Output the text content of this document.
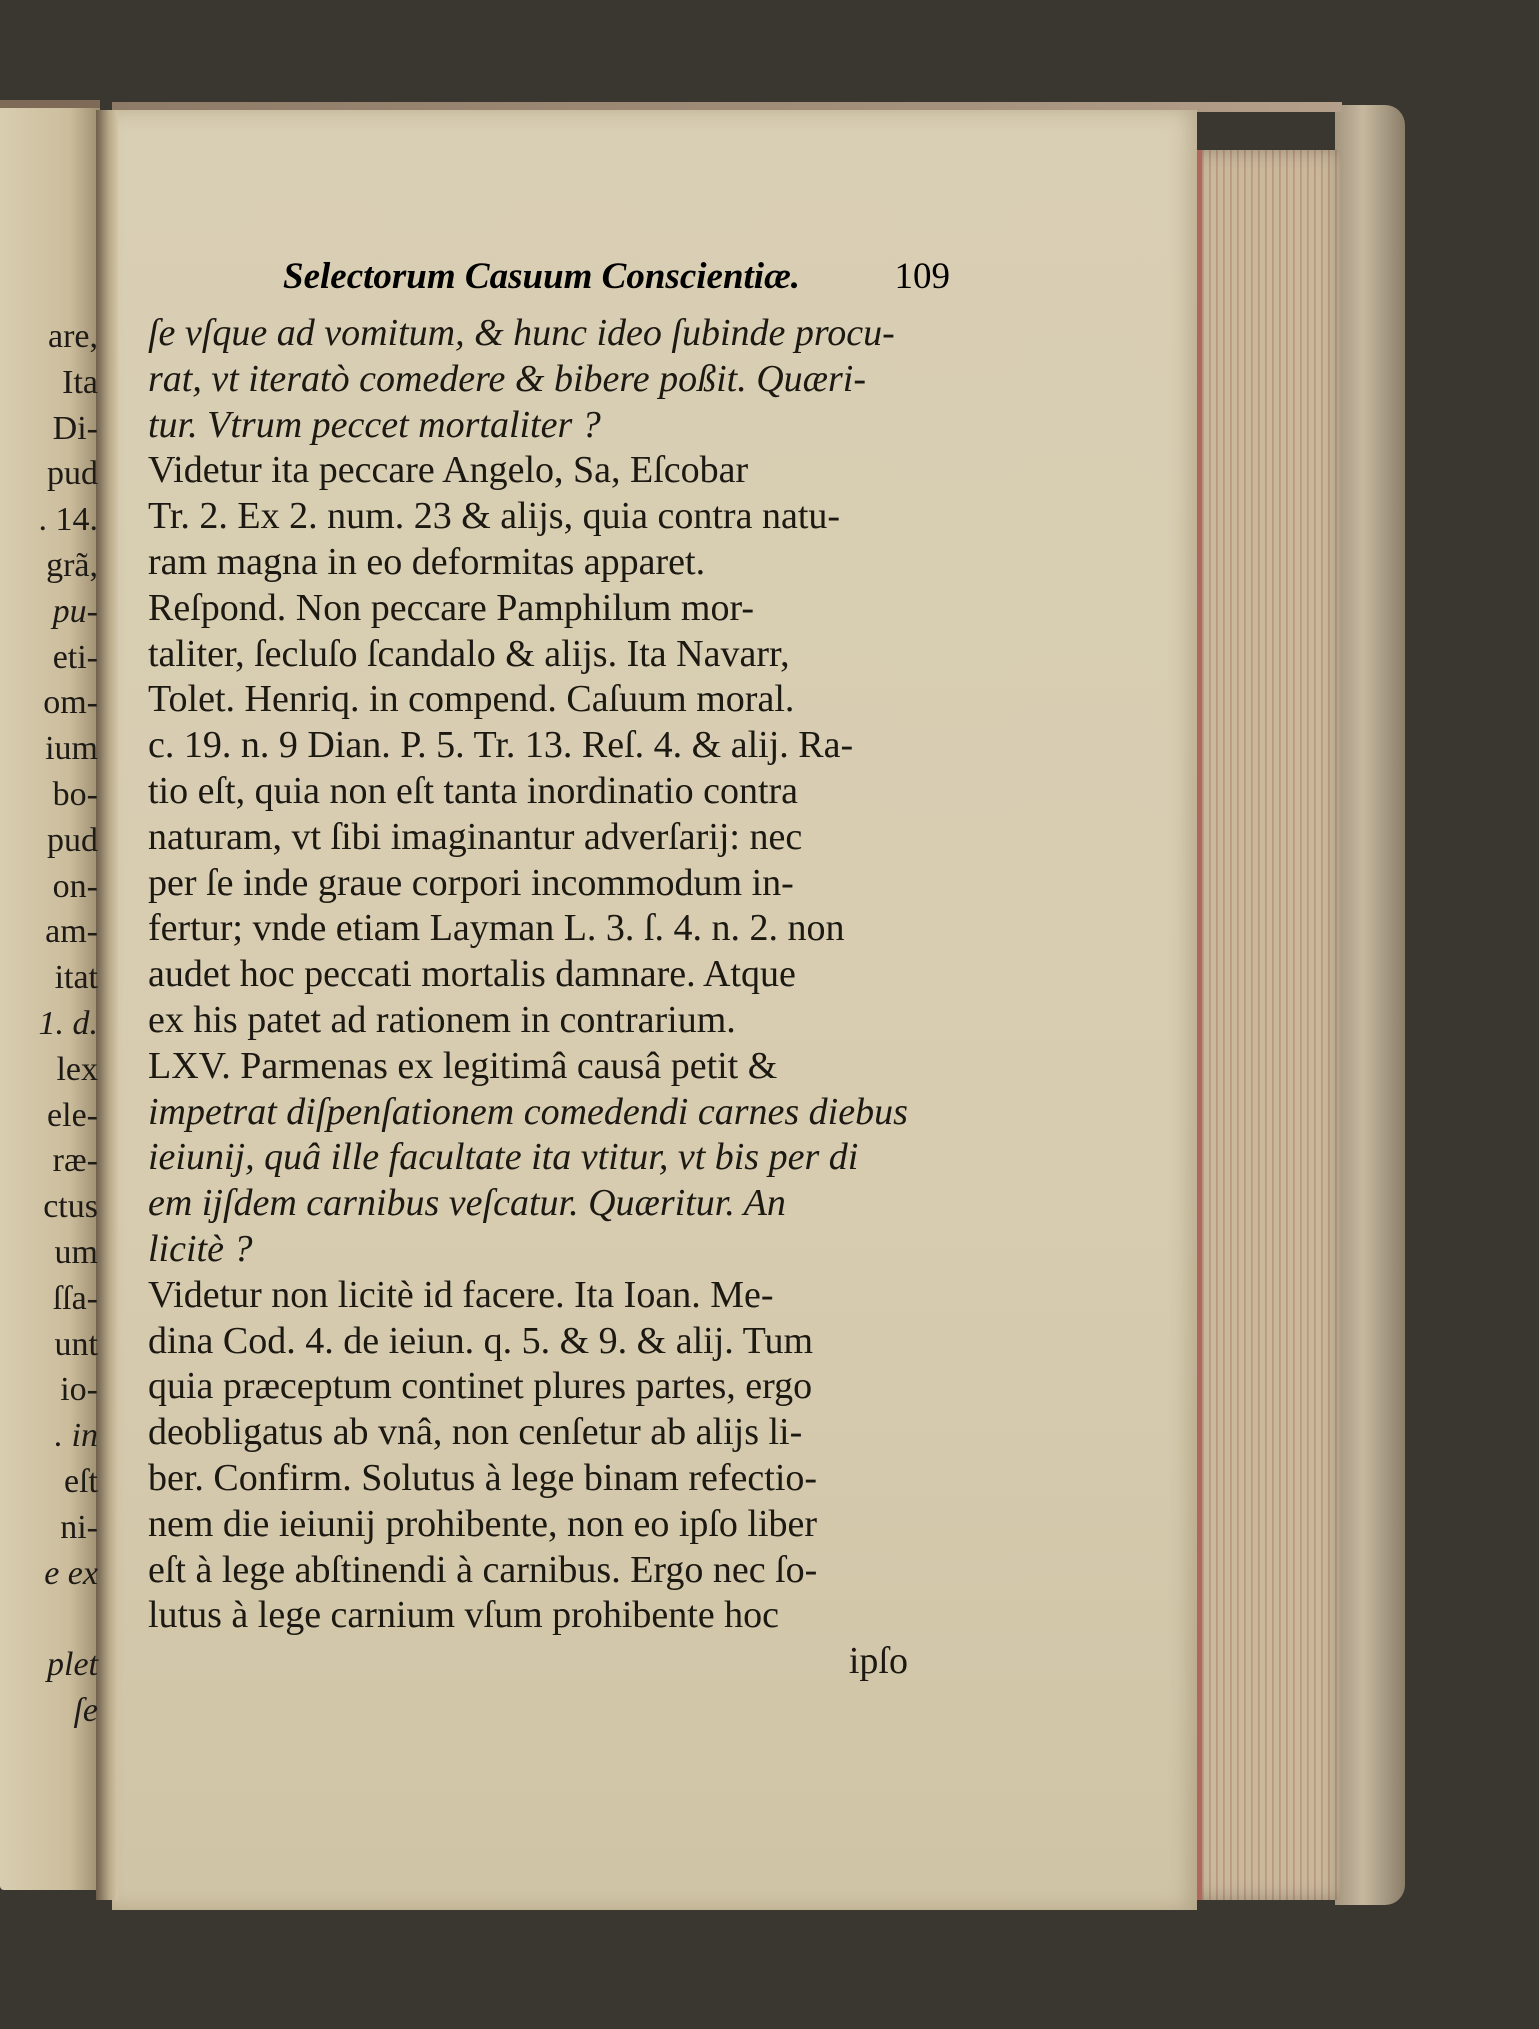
are,
Ita
Di-
pud
. 14.
grã,
pu-
eti-
om-
ium
bo-
pud
on-
am-
itat
1. d.
lex
ele-
ræ-
ctus
um
ſſa-
unt
io-
. in
eſt
ni-
e ex
plet
ſe
Selectorum Casuum Conscientiæ.	109
ſe vſque ad vomitum, & hunc ideo ſubinde procu-
rat, vt iteratò comedere & bibere poßit. Quæri-
tur. Vtrum peccet mortaliter ?
Videtur ita peccare Angelo, Sa, Eſcobar
Tr. 2. Ex 2. num. 23 & alijs, quia contra natu-
ram magna in eo deformitas apparet.
Reſpond. Non peccare Pamphilum mor-
taliter, ſecluſo ſcandalo & alijs. Ita Navarr,
Tolet. Henriq. in compend. Caſuum moral.
c. 19. n. 9 Dian. P. 5. Tr. 13. Reſ. 4. & alij. Ra-
tio eſt, quia non eſt tanta inordinatio contra
naturam, vt ſibi imaginantur adverſarij: nec
per ſe inde graue corpori incommodum in-
fertur; vnde etiam Layman L. 3. ſ. 4. n. 2. non
audet hoc peccati mortalis damnare. Atque
ex his patet ad rationem in contrarium.
LXV. Parmenas ex legitimâ causâ petit &
impetrat diſpenſationem comedendi carnes diebus
ieiunij, quâ ille facultate ita vtitur, vt bis per di
em ijſdem carnibus veſcatur. Quæritur. An
licitè ?
Videtur non licitè id facere. Ita Ioan. Me-
dina Cod. 4. de ieiun. q. 5. & 9. & alij. Tum
quia præceptum continet plures partes, ergo
deobligatus ab vnâ, non cenſetur ab alijs li-
ber. Confirm. Solutus à lege binam refectio-
nem die ieiunij prohibente, non eo ipſo liber
eſt à lege abſtinendi à carnibus. Ergo nec ſo-
lutus à lege carnium vſum prohibente hoc
ipſo
